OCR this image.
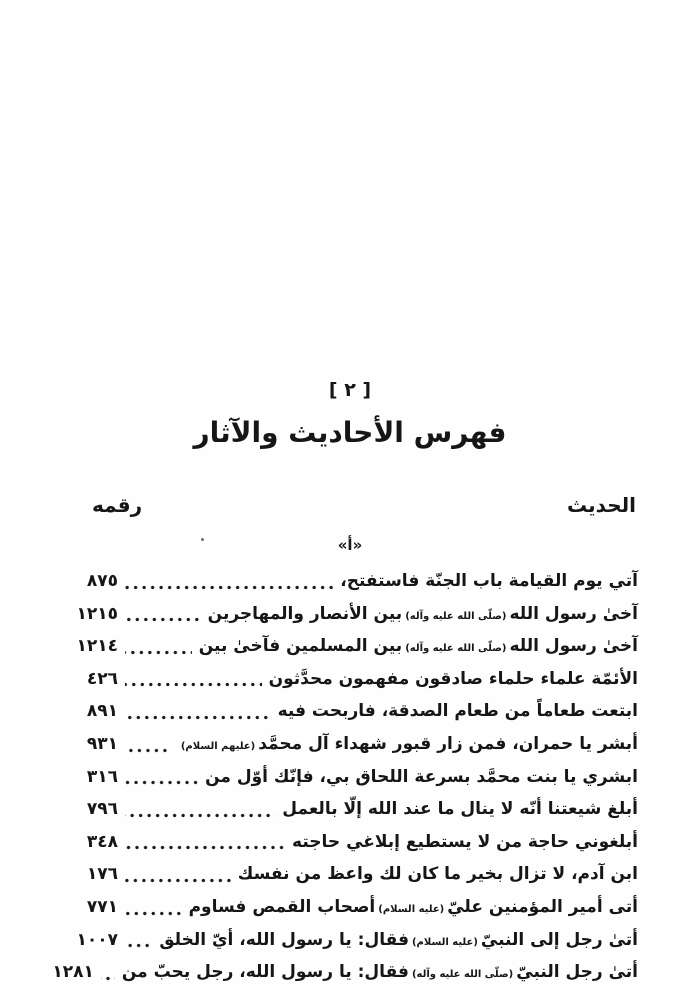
[ ٢ ]
فهرس الأحاديث والآثار
الحديث
رقمه
«أ»
آتي يوم القيامة باب الجنّة فاستفتح،
٨٧٥
آخىٰ رسول الله(صلّى الله عليه وآله)بين الأنصار والمهاجرين
١٢١٥
آخىٰ رسول الله(صلّى الله عليه وآله)بين المسلمين فآخىٰ بين
١٢١٤
الأئمّة علماء حلماء صادقون مفهمون محدَّثون
٤٢٦
ابتعت طعاماً من طعام الصدقة، فاربحت فيه
٨٩١
أبشر يا حمران، فمن زار قبور شهداء آل محمَّد(عليهم السلام)
٩٣١
ابشري يا بنت محمَّد بسرعة اللحاق بي، فإنّك أوّل من
٣١٦
أبلغ شيعتنا أنّه لا ينال ما عند الله إلّا بالعمل
٧٩٦
أبلغوني حاجة من لا يستطيع إبلاغي حاجته
٣٤٨
ابن آدم، لا تزال بخير ما كان لك واعظ من نفسك
١٧٦
أتى أمير المؤمنين عليّ(عليه السلام)أصحاب القمص فساوم
٧٧١
أتىٰ رجل إلى النبيّ(عليه السلام)فقال: يا رسول الله، أيّ الخلق
١٠٠٧
أتىٰ رجل النبيّ(صلّى الله عليه وآله)فقال: يا رسول الله، رجل يحبّ من
١٢٨١
